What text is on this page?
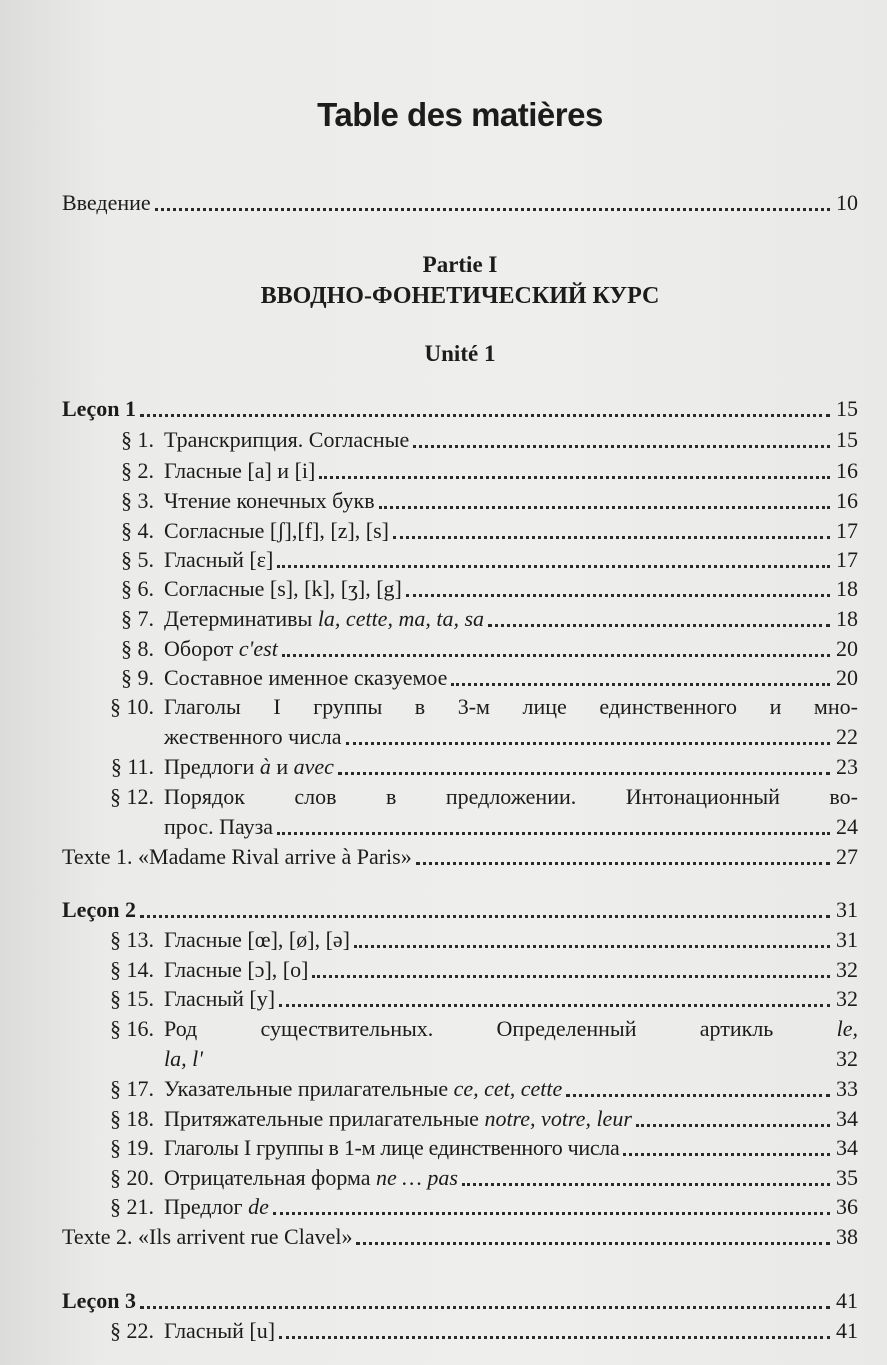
Table des matières
Введение	10
Partie I
ВВОДНО-ФОНЕТИЧЕСКИЙ КУРС
Unité 1
Leçon 1	15
§ 1. Транскрипция. Согласные	15
§ 2. Гласные [a] и [i]	16
§ 3. Чтение конечных букв	16
§ 4. Согласные [ʃ],[f], [z], [s]	17
§ 5. Гласный [ɛ]	17
§ 6. Согласные [s], [k], [ʒ], [g]	18
§ 7. Детерминативы la, cette, ma, ta, sa	18
§ 8. Оборот c'est	20
§ 9. Составное именное сказуемое	20
§ 10. Глаголы I группы в 3-м лице единственного и мно-
жественного числа	22
§ 11. Предлоги à и avec	23
§ 12. Порядок слов в предложении. Интонационный во-
прос. Пауза	24
Texte 1. «Madame Rival arrive à Paris»	27
Leçon 2	31
§ 13. Гласные [œ], [ø], [ə]	31
§ 14. Гласные [ɔ], [o]	32
§ 15. Гласный [y]	32
§ 16. Род	существительных.	Определенный	артикль	le,
la, l'	32
§ 17. Указательные прилагательные ce, cet, cette	33
§ 18. Притяжательные прилагательные notre, votre, leur	34
§ 19. Глаголы I группы в 1-м лице единственного числа	34
§ 20. Отрицательная форма ne … pas	35
§ 21. Предлог de	36
Texte 2. «Ils arrivent rue Clavel»	38
Leçon 3	41
§ 22. Гласный [u]	41
